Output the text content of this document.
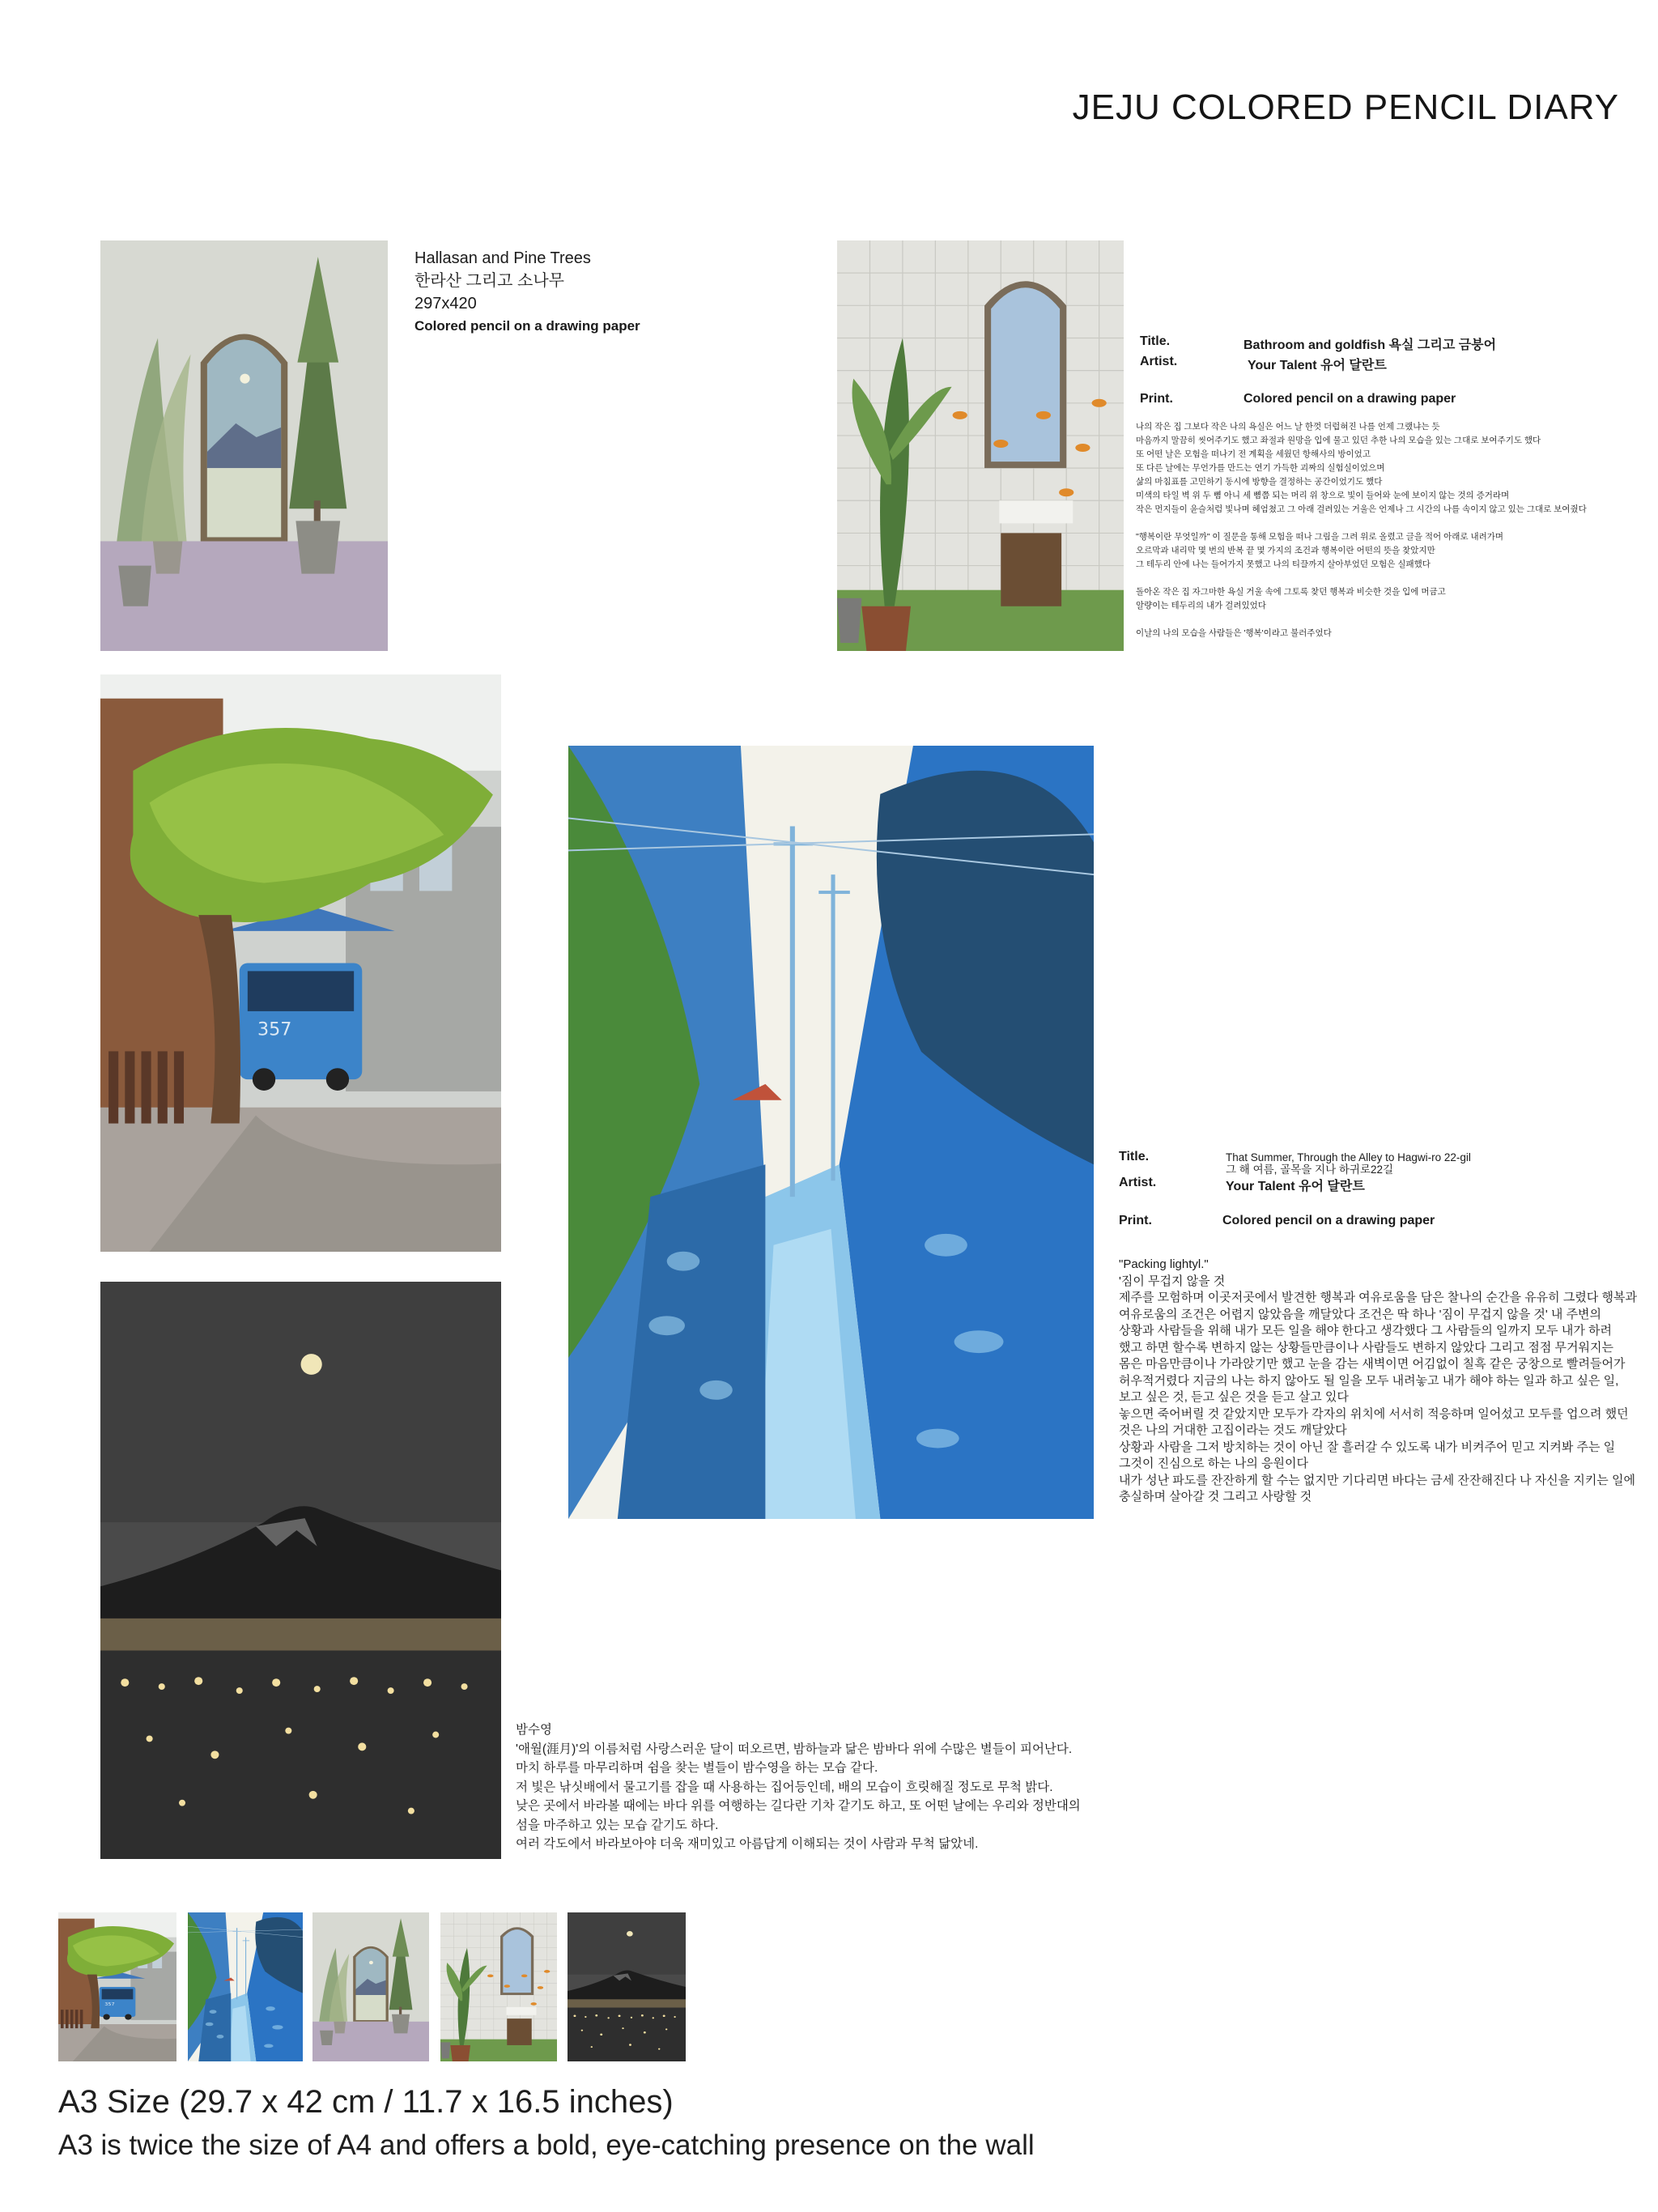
JEJU COLORED PENCIL DIARY
Hallasan and Pine Trees
한라산 그리고 소나무
297x420
Colored pencil on a drawing paper
Title.	Bathroom and goldfish 욕실 그리고 금붕어
Artist.	Your Talent 유어 달란트
Print.	Colored pencil on a drawing paper

나의 작은 집 그보다 작은 나의 욕실은 어느 날 한껏 더럽혀진 나를 언제 그랬냐는 듯
마음까지 말끔히 씻어주기도 했고 좌절과 원망을 입에 물고 있던 추한 나의 모습을 있는 그대로 보여주기도 했다
또 어떤 날은 모험을 떠나기 전 계획을 세웠던 항해사의 방이었고
또 다른 날에는 무언가를 만드는 연기 가득한 괴짜의 실험실이었으며
삶의 마침표를 고민하기 동시에 방향을 결정하는 공간이었기도 했다
미색의 타일 벽 위 두 뼘 아니 세 뼘쯤 되는 머리 위 창으로 빛이 들어와 눈에 보이지 않는 것의 증거라며
작은 먼지들이 윤슬처럼 빛나며 헤엄쳤고 그 아래 걸려있는 거울은 언제나 그 시간의 나를 속이지 않고 있는 그대로 보여줬다

"행복이란 무엇일까" 이 질문을 통해 모험을 떠나 그림을 그려 위로 올렸고 글을 적어 아래로 내려가며
오르막과 내리막 몇 번의 반복 끝 몇 가지의 조건과 행복이란 어떤의 뜻을 찾았지만
그 테두리 안에 나는 들어가지 못했고 나의 티끌까지 살아부었던 모험은 실패했다

돌아온 작은 집 자그마한 욕실 거울 속에 그토록 찾던 행복과 비슷한 것을 입에 머금고
알량이는 테두리의 내가 걸려있었다

이날의 나의 모습을 사람들은 '행복'이라고 불러주었다

Title.	That Summer, Through the Alley to Hagwi-ro 22-gil
그 해 여름, 골목을 지나 하귀로22길
Artist.	Your Talent 유어 달란트
Print.	Colored pencil on a drawing paper
"Packing lightyl."
'짐이 무겁지 않을 것
제주를 모험하며 이곳저곳에서 발견한 행복과 여유로움을 담은 찰나의 순간을 유유히 그렸다 행복과 여유로움의 조건은 어렵지 않았음을 깨달았다 조건은 딱 하나 '짐이 무겁지 않을 것' 내 주변의 상황과 사람들을 위해 내가 모든 일을 해야 한다고 생각했다 그 사람들의 일까지 모두 내가 하려 했고 하면 할수록 변하지 않는 상황들만큼이나 사람들도 변하지 않았다 그리고 점점 무거워지는 몸은 마음만큼이나 가라앉기만 했고 눈을 감는 새벽이면 어김없이 칠흑 같은 궁창으로 빨려들어가 허우적거렸다 지금의 나는 하지 않아도 될 일을 모두 내려놓고 내가 해야 하는 일과 하고 싶은 일, 보고 싶은 것, 듣고 싶은 것을 듣고 살고 있다
놓으면 죽어버릴 것 같았지만 모두가 각자의 위치에 서서히 적응하며 일어섰고 모두를 업으려 했던 것은 나의 거대한 고집이라는 것도 깨달았다
상황과 사람을 그저 방치하는 것이 아닌 잘 흘러갈 수 있도록 내가 비켜주어 믿고 지켜봐 주는 일 그것이 진심으로 하는 나의 응원이다
내가 성난 파도를 잔잔하게 할 수는 없지만 기다리면 바다는 금세 잔잔해진다 나 자신을 지키는 일에 충실하며 살아갈 것 그리고 사랑할 것
밤수영
'애월(涯月)'의 이름처럼 사랑스러운 달이 떠오르면, 밤하늘과 닮은 밤바다 위에 수많은 별들이 피어난다.
마치 하루를 마무리하며 쉼을 찾는 별들이 밤수영을 하는 모습 같다.
저 빛은 낚싯배에서 물고기를 잡을 때 사용하는 집어등인데, 배의 모습이 흐릿해질 정도로 무척 밝다.
낮은 곳에서 바라볼 때에는 바다 위를 여행하는 길다란 기차 같기도 하고, 또 어떤 날에는 우리와 정반대의
섬을 마주하고 있는 모습 같기도 하다.
여러 각도에서 바라보아야 더욱 재미있고 아름답게 이해되는 것이 사람과 무척 닮았네.
A3 Size (29.7 x 42 cm / 11.7 x 16.5 inches)
A3 is twice the size of A4 and offers a bold, eye-catching presence on the wall
